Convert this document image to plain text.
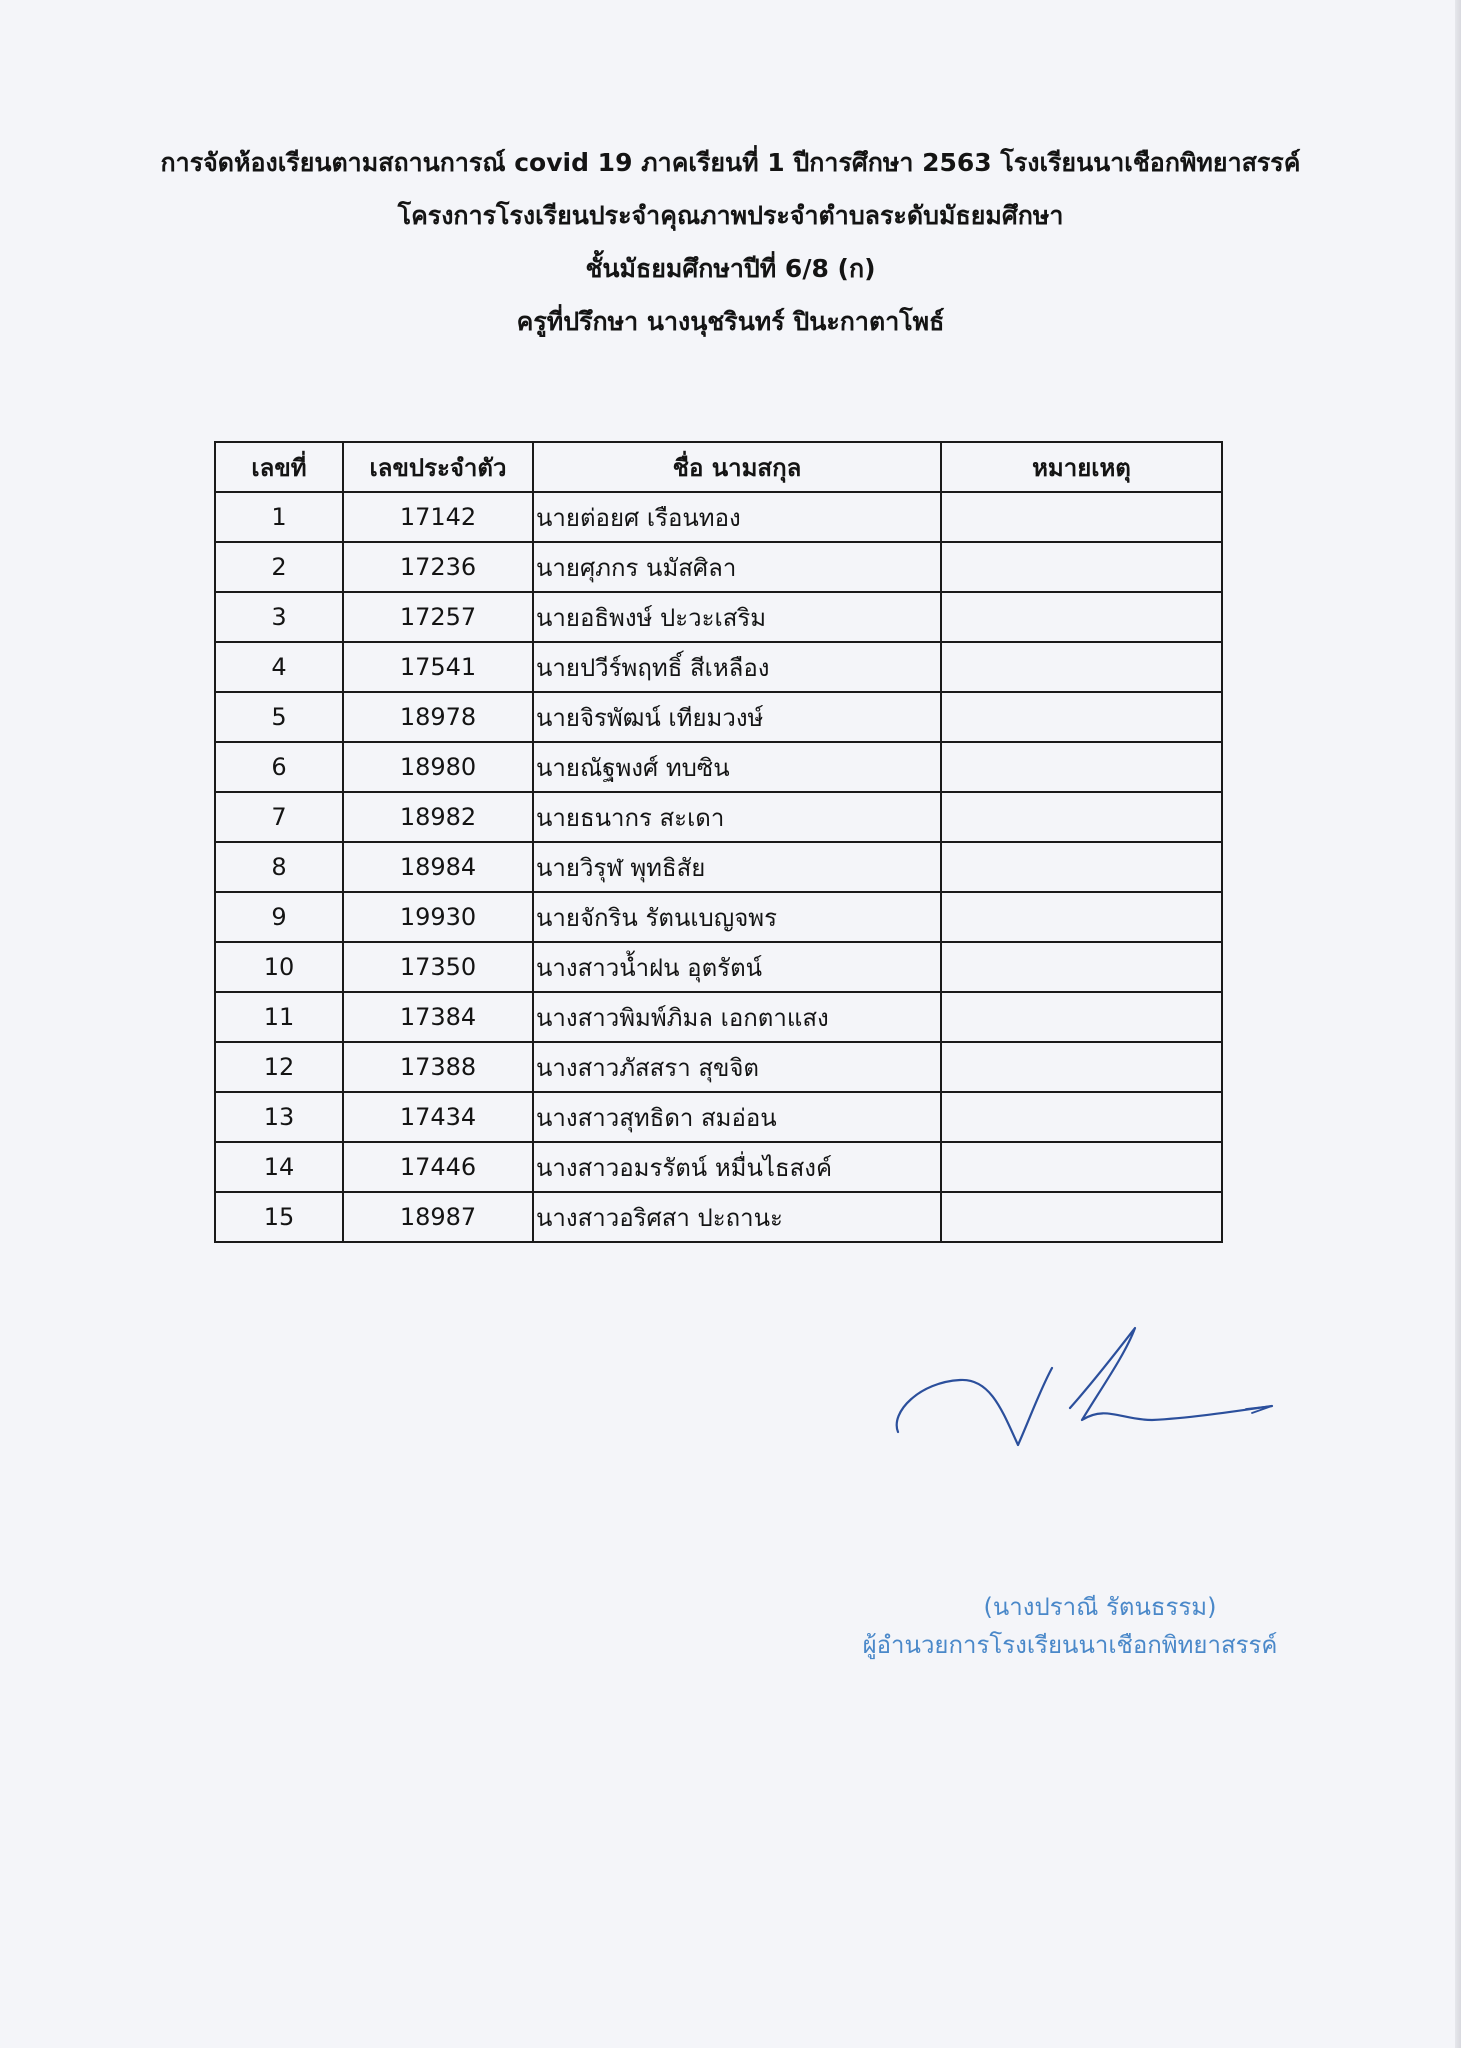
การจัดห้องเรียนตามสถานการณ์ covid 19 ภาคเรียนที่ 1 ปีการศึกษา 2563 โรงเรียนนาเชือกพิทยาสรรค์
โครงการโรงเรียนประจำคุณภาพประจำตำบลระดับมัธยมศึกษา
ชั้นมัธยมศึกษาปีที่ 6/8 (ก)
ครูที่ปรึกษา นางนุชรินทร์ ปินะกาตาโพธ์
เลขที่	เลขประจำตัว	ชื่อ นามสกุล	หมายเหตุ
1	17142	นายต่อยศ เรือนทอง	
2	17236	นายศุภกร นมัสศิลา	
3	17257	นายอธิพงษ์ ปะวะเสริม	
4	17541	นายปวีร์พฤทธิ์ สีเหลือง	
5	18978	นายจิรพัฒน์ เทียมวงษ์	
6	18980	นายณัฐพงศ์ ทบซิน	
7	18982	นายธนากร สะเดา	
8	18984	นายวิรุฬ พุทธิสัย	
9	19930	นายจักริน รัตนเบญจพร	
10	17350	นางสาวน้ำฝน อุตรัตน์	
11	17384	นางสาวพิมพ์ภิมล เอกตาแสง	
12	17388	นางสาวภัสสรา สุขจิต	
13	17434	นางสาวสุทธิดา สมอ่อน	
14	17446	นางสาวอมรรัตน์ หมื่นไธสงค์	
15	18987	นางสาวอริศสา ปะถานะ	
(นางปราณี รัตนธรรม)
ผู้อำนวยการโรงเรียนนาเชือกพิทยาสรรค์
